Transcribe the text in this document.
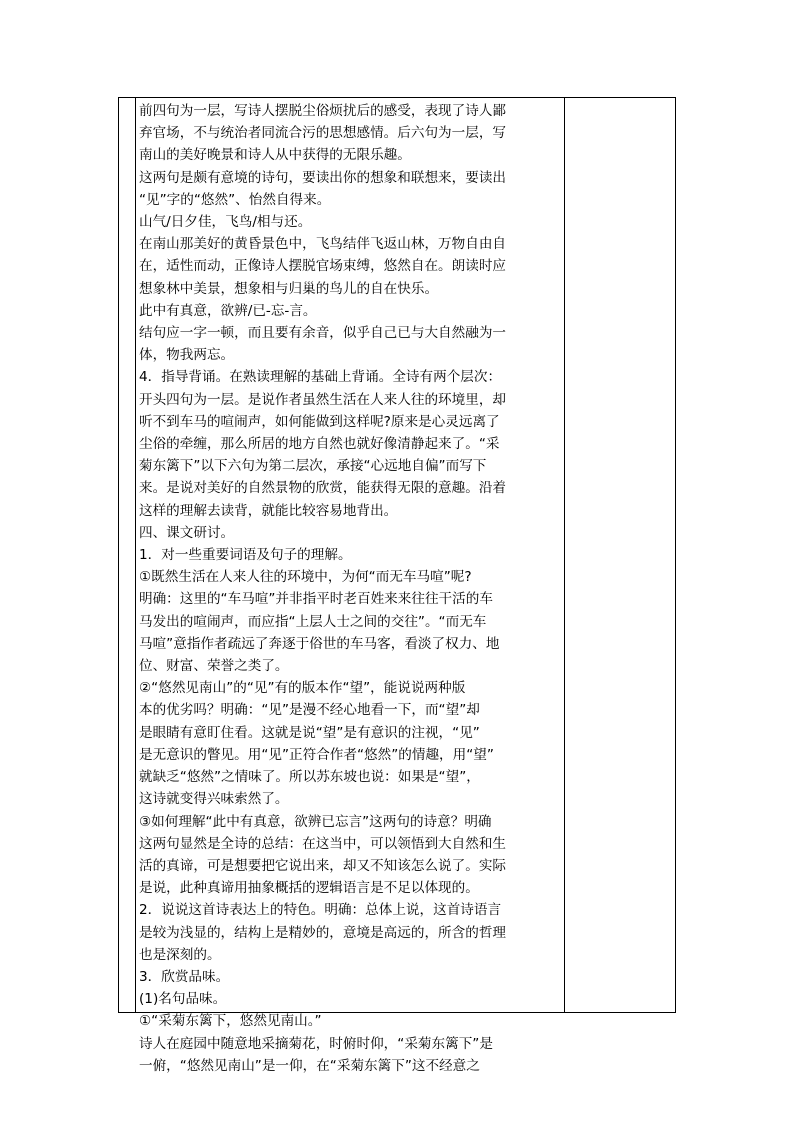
前四句为一层，写诗人摆脱尘俗烦扰后的感受，表现了诗人鄙

弃官场，不与统治者同流合污的思想感情。后六句为一层，写

南山的美好晚景和诗人从中获得的无限乐趣。

这两句是颇有意境的诗句，要读出你的想象和联想来，要读出

“见”字的“悠然”、怡然自得来。

山气/日夕佳，飞鸟/相与还。

在南山那美好的黄昏景色中，飞鸟结伴飞返山林，万物自由自

在，适性而动，正像诗人摆脱官场束缚，悠然自在。朗读时应

想象林中美景，想象相与归巢的鸟儿的自在快乐。

此中有真意，欲辨/已-忘-言。

结句应一字一顿，而且要有余音，似乎自己已与大自然融为一

体，物我两忘。

4．指导背诵。在熟读理解的基础上背诵。全诗有两个层次：

开头四句为一层。是说作者虽然生活在人来人往的环境里，却

听不到车马的喧闹声，如何能做到这样呢?原来是心灵远离了

尘俗的牵缠，那么所居的地方自然也就好像清静起来了。“采

菊东篱下”以下六句为第二层次，承接“心远地自偏”而写下

来。是说对美好的自然景物的欣赏，能获得无限的意趣。沿着

这样的理解去读背，就能比较容易地背出。

四、课文研讨。

1．对一些重要词语及句子的理解。

①既然生活在人来人往的环境中，为何“而无车马喧”呢?

明确：这里的“车马喧”并非指平时老百姓来来往往干活的车

马发出的喧闹声，而应指“上层人士之间的交往”。“而无车

马喧”意指作者疏远了奔逐于俗世的车马客，看淡了权力、地

位、财富、荣誉之类了。

②“悠然见南山”的“见”有的版本作“望”，能说说两种版

本的优劣吗？明确：“见”是漫不经心地看一下，而“望”却

是眼睛有意盯住看。这就是说“望”是有意识的注视，“见”

是无意识的瞥见。用“见”正符合作者“悠然”的情趣，用“望”

就缺乏“悠然”之情味了。所以苏东坡也说：如果是“望”，

这诗就变得兴味索然了。

③如何理解“此中有真意，欲辨已忘言”这两句的诗意？明确

这两句显然是全诗的总结：在这当中，可以领悟到大自然和生

活的真谛，可是想要把它说出来，却又不知该怎么说了。实际

是说，此种真谛用抽象概括的逻辑语言是不足以体现的。

2．说说这首诗表达上的特色。明确：总体上说，这首诗语言

是较为浅显的，结构上是精妙的，意境是高远的，所含的哲理

也是深刻的。

3．欣赏品味。

(1)名句品味。

①“采菊东篱下，悠然见南山。”

诗人在庭园中随意地采摘菊花，时俯时仰，“采菊东篱下”是

一俯，“悠然见南山”是一仰，在“采菊东篱下”这不经意之
